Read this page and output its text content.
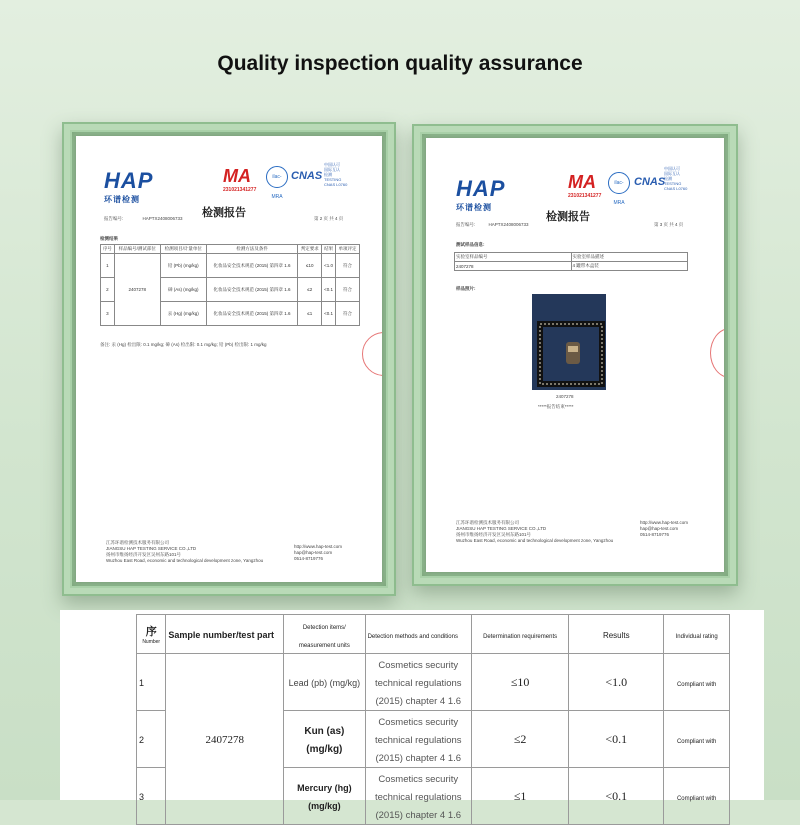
Quality inspection quality assurance
HAP
环谱检测
MA
231021341277
ilac-MRA
CNAS
中国认可
国际互认
检测
TESTING
CNAS L0760
检测报告
报告编号:	HAPTX2408006733	第 2 页 共 4 页
检测结果
序号	样品编号/测试部位	检测项目/计量单位	检测方法及条件	判定要求	结果	单项评定
1	2407278	铅 (Pb) (mg/kg)	化妆品安全技术规范 (2015) 第四章 1.6	≤10	<1.0	符合
2		砷 (As) (mg/kg)	化妆品安全技术规范 (2015) 第四章 1.6	≤2	<0.1	符合
3		汞 (Hg) (mg/kg)	化妆品安全技术规范 (2015) 第四章 1.6	≤1	<0.1	符合
备注: 汞 (Hg) 检出限: 0.1 mg/kg; 砷 (As) 检出限: 0.1 mg/kg; 铅 (Pb) 检出限: 1 mg/kg
江苏环谱检测技术服务有限公司
JIANGSU HAP TESTING SERVICE CO.,LTD
扬州市维扬经济开发区吴州东路101号
Wuzhou East Road, economic and technological development zone, Yangzhou
http://www.hap-test.com
hap@hap-test.com
0514-8719776
HAP
环谱检测
MA
231021341277
ilac-MRA
CNAS
中国认可
国际互认
检测
TESTING
CNAS L0760
检测报告
报告编号:	HAPTX2408006733	第 3 页 共 4 页
测试样品信息:
实验室样品编号	实验室样品描述
2407278	4 罐带木盒装
样品照片:
2407278
*****报告结束*****
江苏环谱检测技术服务有限公司
JIANGSU HAP TESTING SERVICE CO.,LTD
扬州市维扬经济开发区吴州东路101号
Wuzhou East Road, economic and technological development zone, Yangzhou
http://www.hap-test.com
hap@hap-test.com
0514-8719776
序
Number	Sample number/test part	Detection items/ measurement units	Detection methods and conditions	Determination requirements	Results	Individual rating
1	2407278	Lead (pb) (mg/kg)	Cosmetics security technical regulations (2015) chapter 4 1.6	≤10	<1.0	Compliant with
2		Kun (as) (mg/kg)	Cosmetics security technical regulations (2015) chapter 4 1.6	≤2	<0.1	Compliant with
3		Mercury (hg) (mg/kg)	Cosmetics security technical regulations (2015) chapter 4 1.6	≤1	<0.1	Compliant with
